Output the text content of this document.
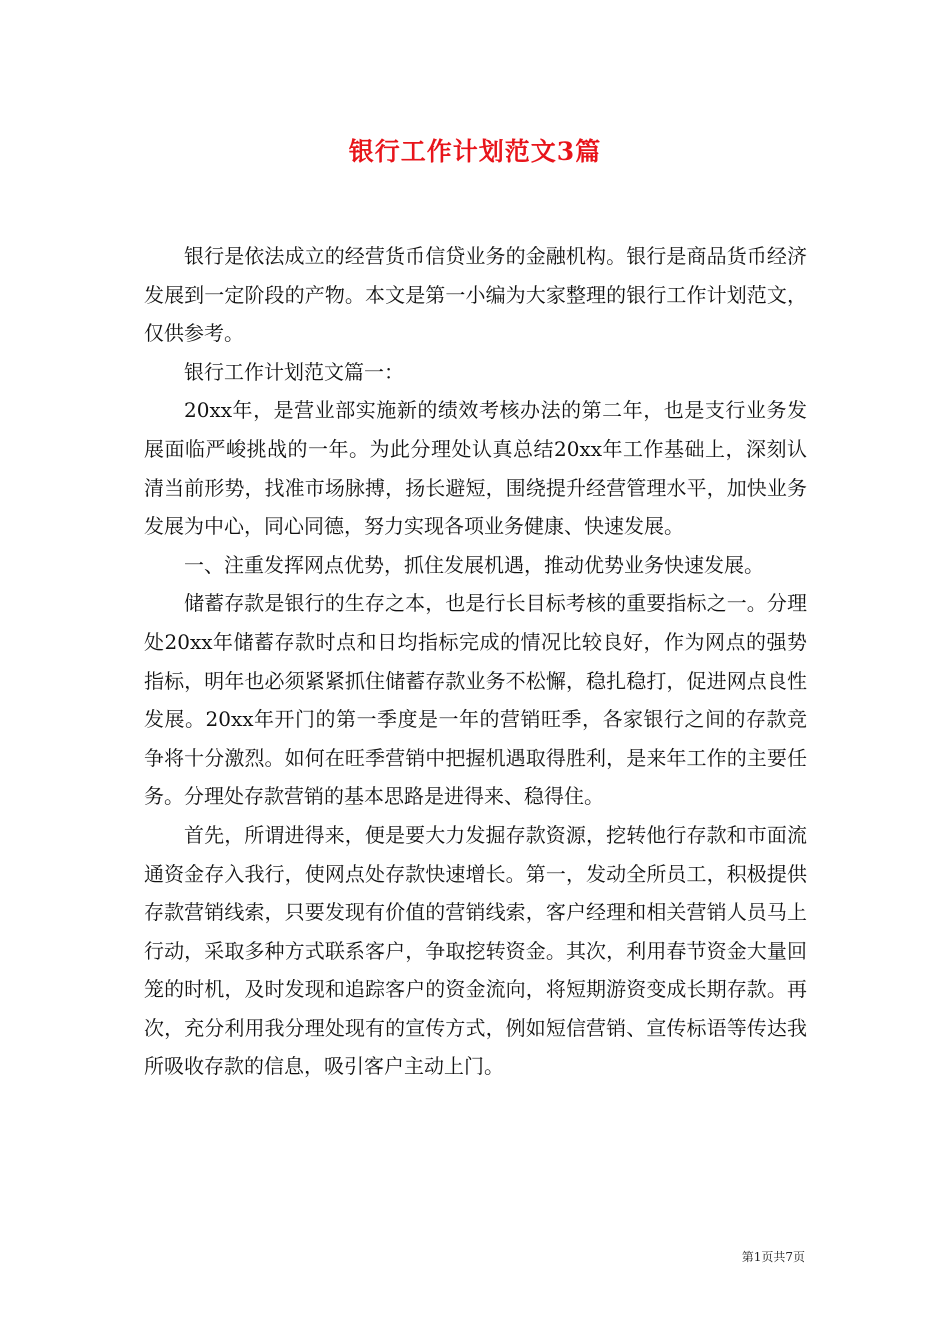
银行工作计划范文3篇

银行是依法成立的经营货币信贷业务的金融机构。银行是商品货币经济发展到一定阶段的产物。本文是第一小编为大家整理的银行工作计划范文，仅供参考。

银行工作计划范文篇一：

20xx年，是营业部实施新的绩效考核办法的第二年，也是支行业务发展面临严峻挑战的一年。为此分理处认真总结20xx年工作基础上，深刻认清当前形势，找准市场脉搏，扬长避短，围绕提升经营管理水平，加快业务发展为中心，同心同德，努力实现各项业务健康、快速发展。

一、注重发挥网点优势，抓住发展机遇，推动优势业务快速发展。

储蓄存款是银行的生存之本，也是行长目标考核的重要指标之一。分理处20xx年储蓄存款时点和日均指标完成的情况比较良好，作为网点的强势指标，明年也必须紧紧抓住储蓄存款业务不松懈，稳扎稳打，促进网点良性发展。20xx年开门的第一季度是一年的营销旺季，各家银行之间的存款竞争将十分激烈。如何在旺季营销中把握机遇取得胜利，是来年工作的主要任务。分理处存款营销的基本思路是进得来、稳得住。

首先，所谓进得来，便是要大力发掘存款资源，挖转他行存款和市面流通资金存入我行，使网点处存款快速增长。第一，发动全所员工，积极提供存款营销线索，只要发现有价值的营销线索，客户经理和相关营销人员马上行动，采取多种方式联系客户，争取挖转资金。其次，利用春节资金大量回笼的时机，及时发现和追踪客户的资金流向，将短期游资变成长期存款。再次，充分利用我分理处现有的宣传方式，例如短信营销、宣传标语等传达我所吸收存款的信息，吸引客户主动上门。

第1页共7页
